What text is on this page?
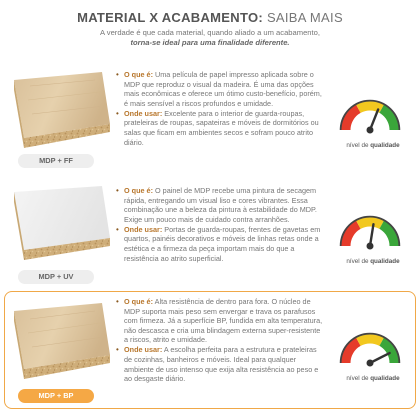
MATERIAL X ACABAMENTO: SAIBA MAIS
A verdade é que cada material, quando aliado a um acabamento,
torna-se ideal para uma finalidade diferente.
MDP + FF
• O que é: Uma película de papel impresso aplicada sobre o MDP que reproduz o visual da madeira. É uma das opções mais econômicas e oferece um ótimo custo-benefício, porém, é mais sensível a riscos profundos e umidade.
• Onde usar: Excelente para o interior de guarda-roupas, prateleiras de roupas, sapateiras e móveis de dormitórios ou salas que ficam em ambientes secos e sofram pouco atrito diário.	nível de qualidade
MDP + UV
• O que é: O painel de MDP recebe uma pintura de secagem rápida, entregando um visual liso e cores vibrantes. Essa combinação une a beleza da pintura à estabilidade do MDP. Exige um pouco mais de cuidado contra arranhões.
• Onde usar: Portas de guarda-roupas, frentes de gavetas em quartos, painéis decorativos e móveis de linhas retas onde a estética e a firmeza da peça importam mais do que a resistência ao atrito superficial.	nível de qualidade
MDP + BP
• O que é: Alta resistência de dentro para fora. O núcleo de MDP suporta mais peso sem envergar e trava os parafusos com firmeza. Já a superfície BP, fundida em alta temperatura, não descasca e cria uma blindagem externa super-resistente a riscos, atrito e umidade.
• Onde usar: A escolha perfeita para a estrutura e prateleiras de cozinhas, banheiros e móveis. Ideal para qualquer ambiente de uso intenso que exija alta resistência ao peso e ao desgaste diário.	nível de qualidade
